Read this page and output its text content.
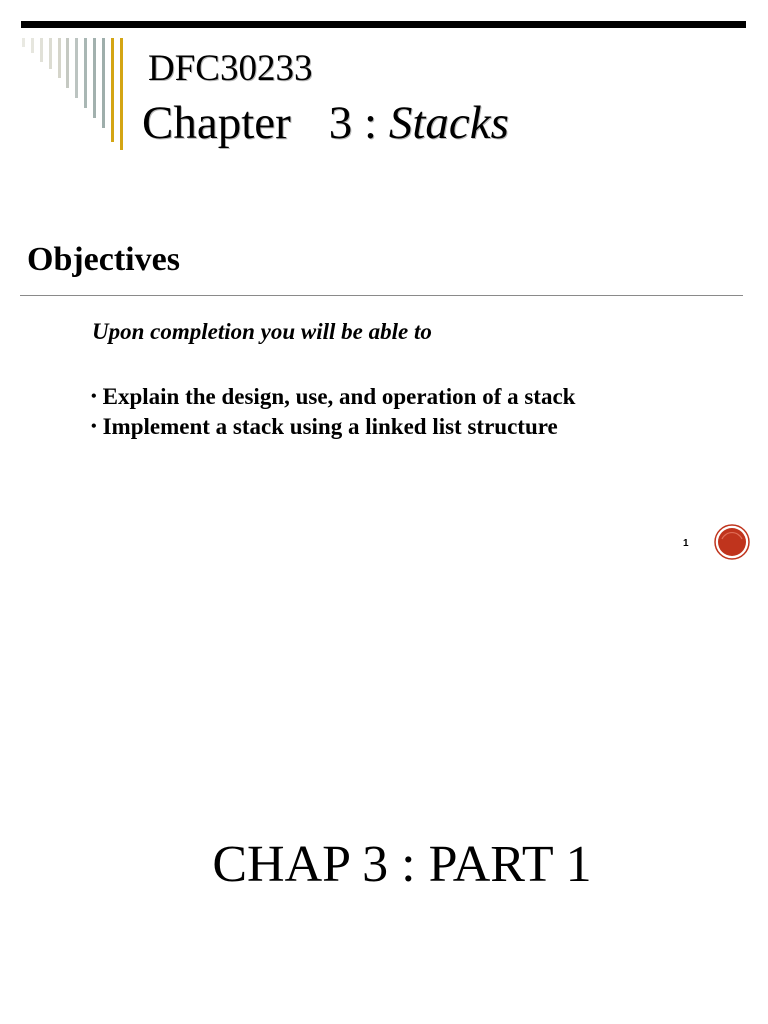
DFC30233
Chapter 3 : Stacks
Objectives
Upon completion you will be able to
• Explain the design, use, and operation of a stack
• Implement a stack using a linked list structure
1
CHAP 3 : PART 1
